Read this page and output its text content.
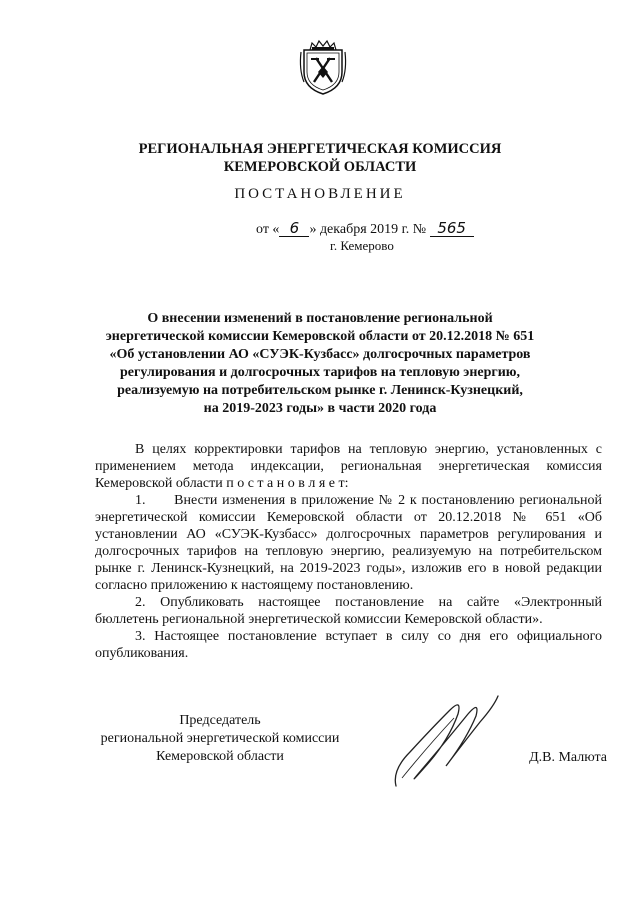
РЕГИОНАЛЬНАЯ ЭНЕРГЕТИЧЕСКАЯ КОМИССИЯ
КЕМЕРОВСКОЙ ОБЛАСТИ
ПОСТАНОВЛЕНИЕ
от « 6 » декабря 2019 г. № 565
г. Кемерово
О внесении изменений в постановление региональной
энергетической комиссии Кемеровской области от 20.12.2018 № 651
«Об установлении АО «СУЭК-Кузбасс» долгосрочных параметров
регулирования и долгосрочных тарифов на тепловую энергию,
реализуемую на потребительском рынке г. Ленинск-Кузнецкий,
на 2019-2023 годы» в части 2020 года

В целях корректировки тарифов на тепловую энергию, установленных с применением метода индексации, региональная энергетическая комиссия Кемеровской области п о с т а н о в л я е т:

1.      Внести изменения в приложение № 2 к постановлению региональной энергетической комиссии Кемеровской области от 20.12.2018 № 651 «Об установлении АО «СУЭК-Кузбасс» долгосрочных параметров регулирования и долгосрочных тарифов на тепловую энергию, реализуемую на потребительском рынке г. Ленинск-Кузнецкий, на 2019-2023 годы», изложив его в новой редакции согласно приложению к настоящему постановлению.

2. Опубликовать настоящее постановление на сайте «Электронный бюллетень региональной энергетической комиссии Кемеровской области».

3. Настоящее постановление вступает в силу со дня его официального опубликования.

Председатель
региональной энергетической комиссии
Кемеровской области	Д.В. Малюта
